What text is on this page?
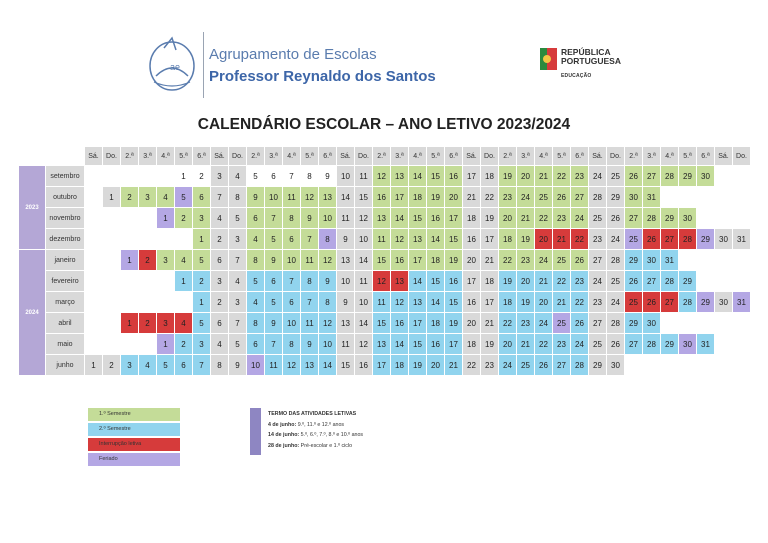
ae
Agrupamento de Escolas
Professor Reynaldo dos Santos
REPÚBLICA
PORTUGUESA
EDUCAÇÃO
CALENDÁRIO ESCOLAR – ANO LETIVO 2023/2024
		Sá.	Do.	2.ª	3.ª	4.ª	5.ª	6.ª	Sá.	Do.	2.ª	3.ª	4.ª	5.ª	6.ª	Sá.	Do.	2.ª	3.ª	4.ª	5.ª	6.ª	Sá.	Do.	2.ª	3.ª	4.ª	5.ª	6.ª	Sá.	Do.	2.ª	3.ª	4.ª	5.ª	6.ª	Sá.	Do.
2023	setembro						1	2	3	4	5	6	7	8	9	10	11	12	13	14	15	16	17	18	19	20	21	22	23	24	25	26	27	28	29	30		
	outubro		1	2	3	4	5	6	7	8	9	10	11	12	13	14	15	16	17	18	19	20	21	22	23	24	25	26	27	28	29	30	31					
	novembro					1	2	3	4	5	6	7	8	9	10	11	12	13	14	15	16	17	18	19	20	21	22	23	24	25	26	27	28	29	30			
	dezembro							1	2	3	4	5	6	7	8	9	10	11	12	13	14	15	16	17	18	19	20	21	22	23	24	25	26	27	28	29	30	31
2024	janeiro			1	2	3	4	5	6	7	8	9	10	11	12	13	14	15	16	17	18	19	20	21	22	23	24	25	26	27	28	29	30	31				
	fevereiro						1	2	3	4	5	6	7	8	9	10	11	12	13	14	15	16	17	18	19	20	21	22	23	24	25	26	27	28	29			
	março							1	2	3	4	5	6	7	8	9	10	11	12	13	14	15	16	17	18	19	20	21	22	23	24	25	26	27	28	29	30	31
	abril			1	2	3	4	5	6	7	8	9	10	11	12	13	14	15	16	17	18	19	20	21	22	23	24	25	26	27	28	29	30					
	maio					1	2	3	4	5	6	7	8	9	10	11	12	13	14	15	16	17	18	19	20	21	22	23	24	25	26	27	28	29	30	31		
	junho	1	2	3	4	5	6	7	8	9	10	11	12	13	14	15	16	17	18	19	20	21	22	23	24	25	26	27	28	29	30							
1.º Semestre
2.º Semestre
Interrupção letiva
Feriado
TERMO DAS ATIVIDADES LETIVAS
4 de junho: 9.º, 11.º e 12.º anos
14 de junho: 5.º, 6.º, 7.º, 8.º e 10.º anos
28 de junho: Pré-escolar e 1.º ciclo
